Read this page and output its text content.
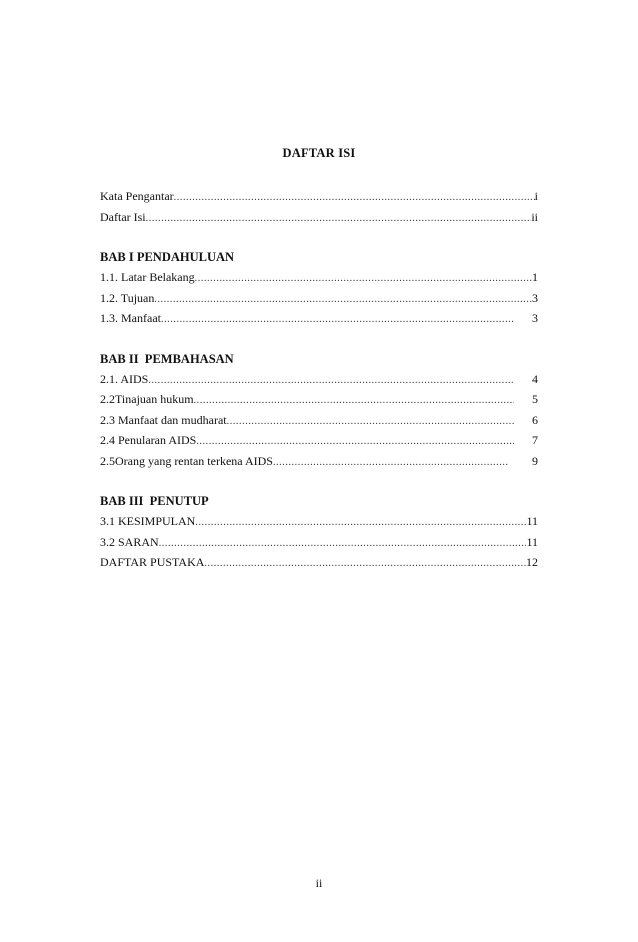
DAFTAR ISI
Kata Pengantar .....	i
Daftar Isi .....	ii
BAB I PENDAHULUAN
1.1. Latar Belakang .....	1
1.2. Tujuan .....	3
1.3. Manfaat .....	3
BAB II  PEMBAHASAN
2.1. AIDS .....	4
2.2Tinajuan hukum .....	5
2.3 Manfaat dan mudharat .....	6
2.4 Penularan AIDS .....	7
2.5Orang yang rentan terkena AIDS .....	9
BAB III  PENUTUP
3.1 KESIMPULAN .....	11
3.2 SARAN .....	11
DAFTAR PUSTAKA .....	12
ii
